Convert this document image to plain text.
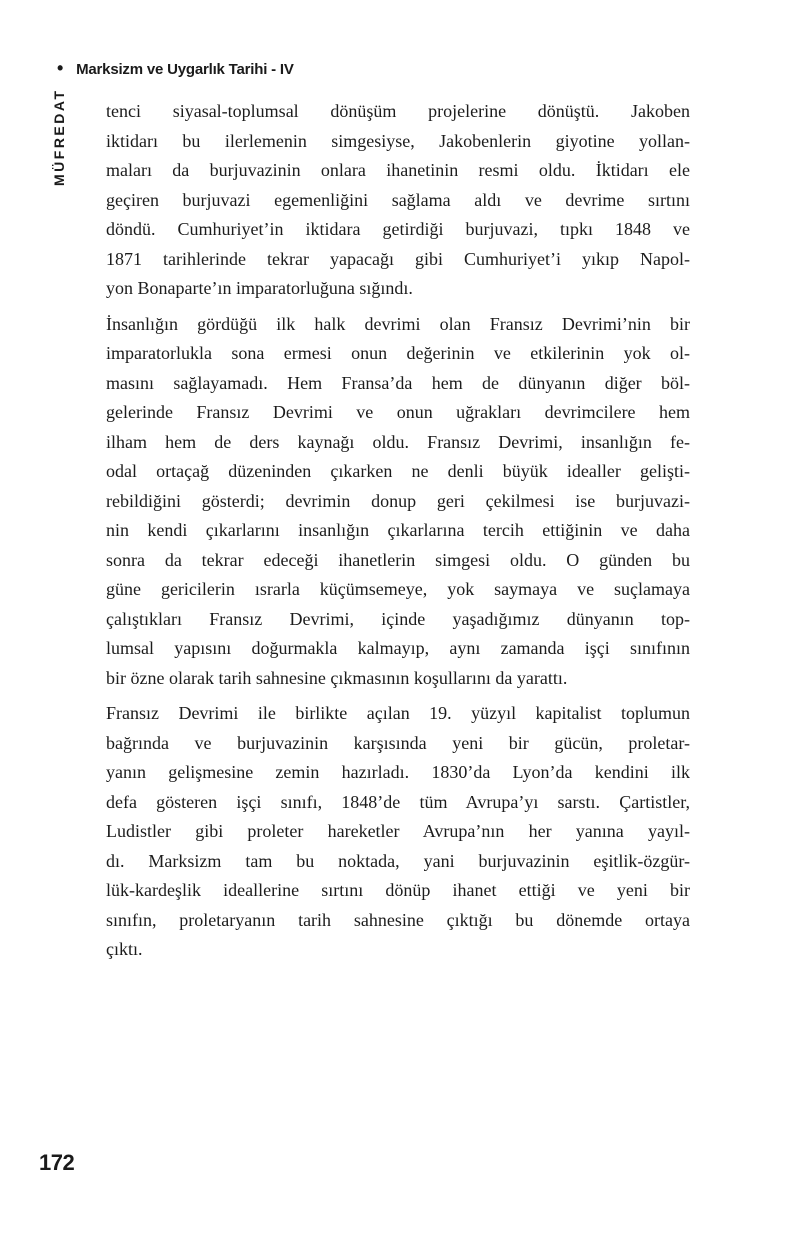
• Marksizm ve Uygarlık Tarihi - IV
MÜFREDAT tenci siyasal-toplumsal dönüşüm projelerine dönüştü. Jakoben
iktidarı bu ilerlemenin simgesiyse, Jakobenlerin giyotine yollan-
maları da burjuvazinin onlara ihanetinin resmi oldu. İktidarı ele
geçiren burjuvazi egemenliğini sağlama aldı ve devrime sırtını
döndü. Cumhuriyet’in iktidara getirdiği burjuvazi, tıpkı 1848 ve
1871 tarihlerinde tekrar yapacağı gibi Cumhuriyet’i yıkıp Napol-
yon Bonaparte’ın imparatorluğuna sığındı.
İnsanlığın gördüğü ilk halk devrimi olan Fransız Devrimi’nin bir
imparatorlukla sona ermesi onun değerinin ve etkilerinin yok ol-
masını sağlayamadı. Hem Fransa’da hem de dünyanın diğer böl-
gelerinde Fransız Devrimi ve onun uğrakları devrimcilere hem
ilham hem de ders kaynağı oldu. Fransız Devrimi, insanlığın fe-
odal ortaçağ düzeninden çıkarken ne denli büyük idealler gelişti-
rebildiğini gösterdi; devrimin donup geri çekilmesi ise burjuvazi-
nin kendi çıkarlarını insanlığın çıkarlarına tercih ettiğinin ve daha
sonra da tekrar edeceği ihanetlerin simgesi oldu. O günden bu
güne gericilerin ısrarla küçümsemeye, yok saymaya ve suçlamaya
çalıştıkları Fransız Devrimi, içinde yaşadığımız dünyanın top-
lumsal yapısını doğurmakla kalmayıp, aynı zamanda işçi sınıfının
bir özne olarak tarih sahnesine çıkmasının koşullarını da yarattı.
Fransız Devrimi ile birlikte açılan 19. yüzyıl kapitalist toplumun
bağrında ve burjuvazinin karşısında yeni bir gücün, proletar-
yanın gelişmesine zemin hazırladı. 1830’da Lyon’da kendini ilk
defa gösteren işçi sınıfı, 1848’de tüm Avrupa’yı sarstı. Çartistler,
Ludistler gibi proleter hareketler Avrupa’nın her yanına yayıl-
dı. Marksizm tam bu noktada, yani burjuvazinin eşitlik-özgür-
lük-kardeşlik ideallerine sırtını dönüp ihanet ettiği ve yeni bir
sınıfın, proletaryanın tarih sahnesine çıktığı bu dönemde ortaya
çıktı.
172
